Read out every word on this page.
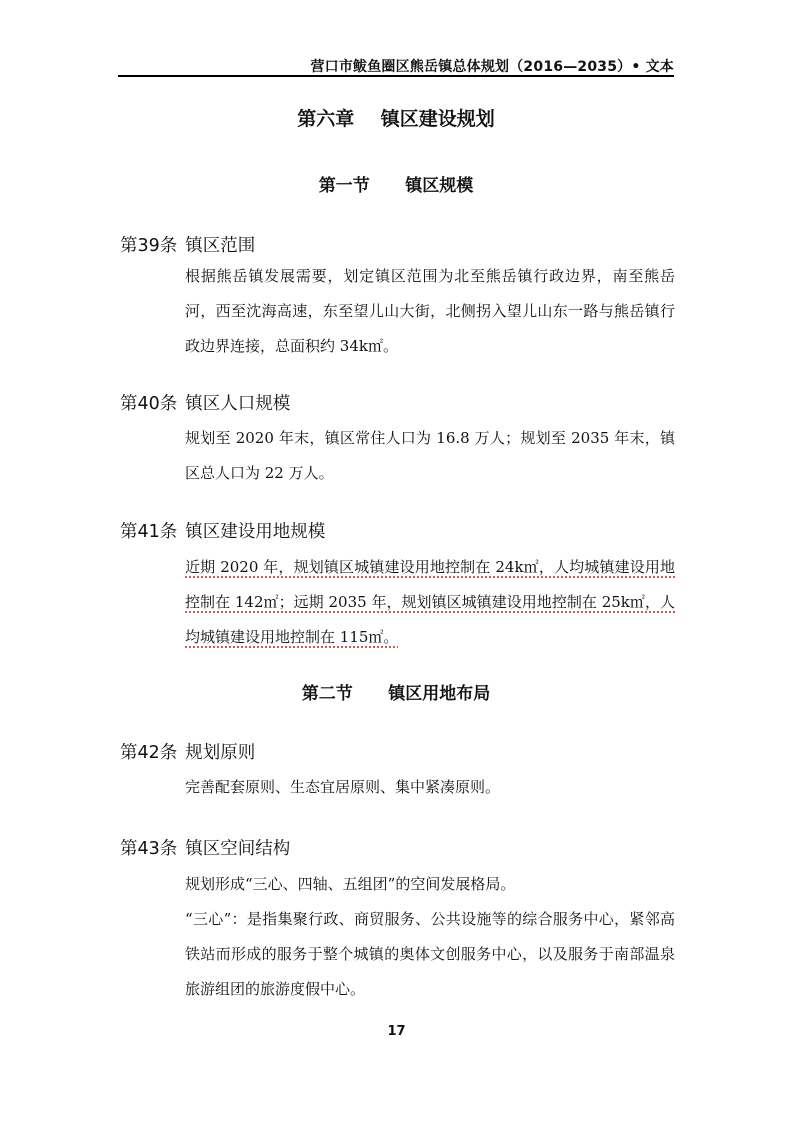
营口市鲅鱼圈区熊岳镇总体规划（2016—2035）• 文本
第六章    镇区建设规划
第一节      镇区规模
第39条 镇区范围

根据熊岳镇发展需要，划定镇区范围为北至熊岳镇行政边界，南至熊岳河，西至沈海高速，东至望儿山大街，北侧拐入望儿山东一路与熊岳镇行政边界连接，总面积约 34k㎡。

第40条 镇区人口规模

规划至 2020 年末，镇区常住人口为 16.8 万人；规划至 2035 年末，镇区总人口为 22 万人。

第41条 镇区建设用地规模

近期 2020 年，规划镇区城镇建设用地控制在 24k㎡，人均城镇建设用地控制在 142㎡；远期 2035 年，规划镇区城镇建设用地控制在 25k㎡，人均城镇建设用地控制在 115㎡。

第二节      镇区用地布局
第42条 规划原则

完善配套原则、生态宜居原则、集中紧凑原则。

第43条 镇区空间结构

规划形成“三心、四轴、五组团”的空间发展格局。

“三心”：是指集聚行政、商贸服务、公共设施等的综合服务中心，紧邻高铁站而形成的服务于整个城镇的奥体文创服务中心，以及服务于南部温泉旅游组团的旅游度假中心。

17
